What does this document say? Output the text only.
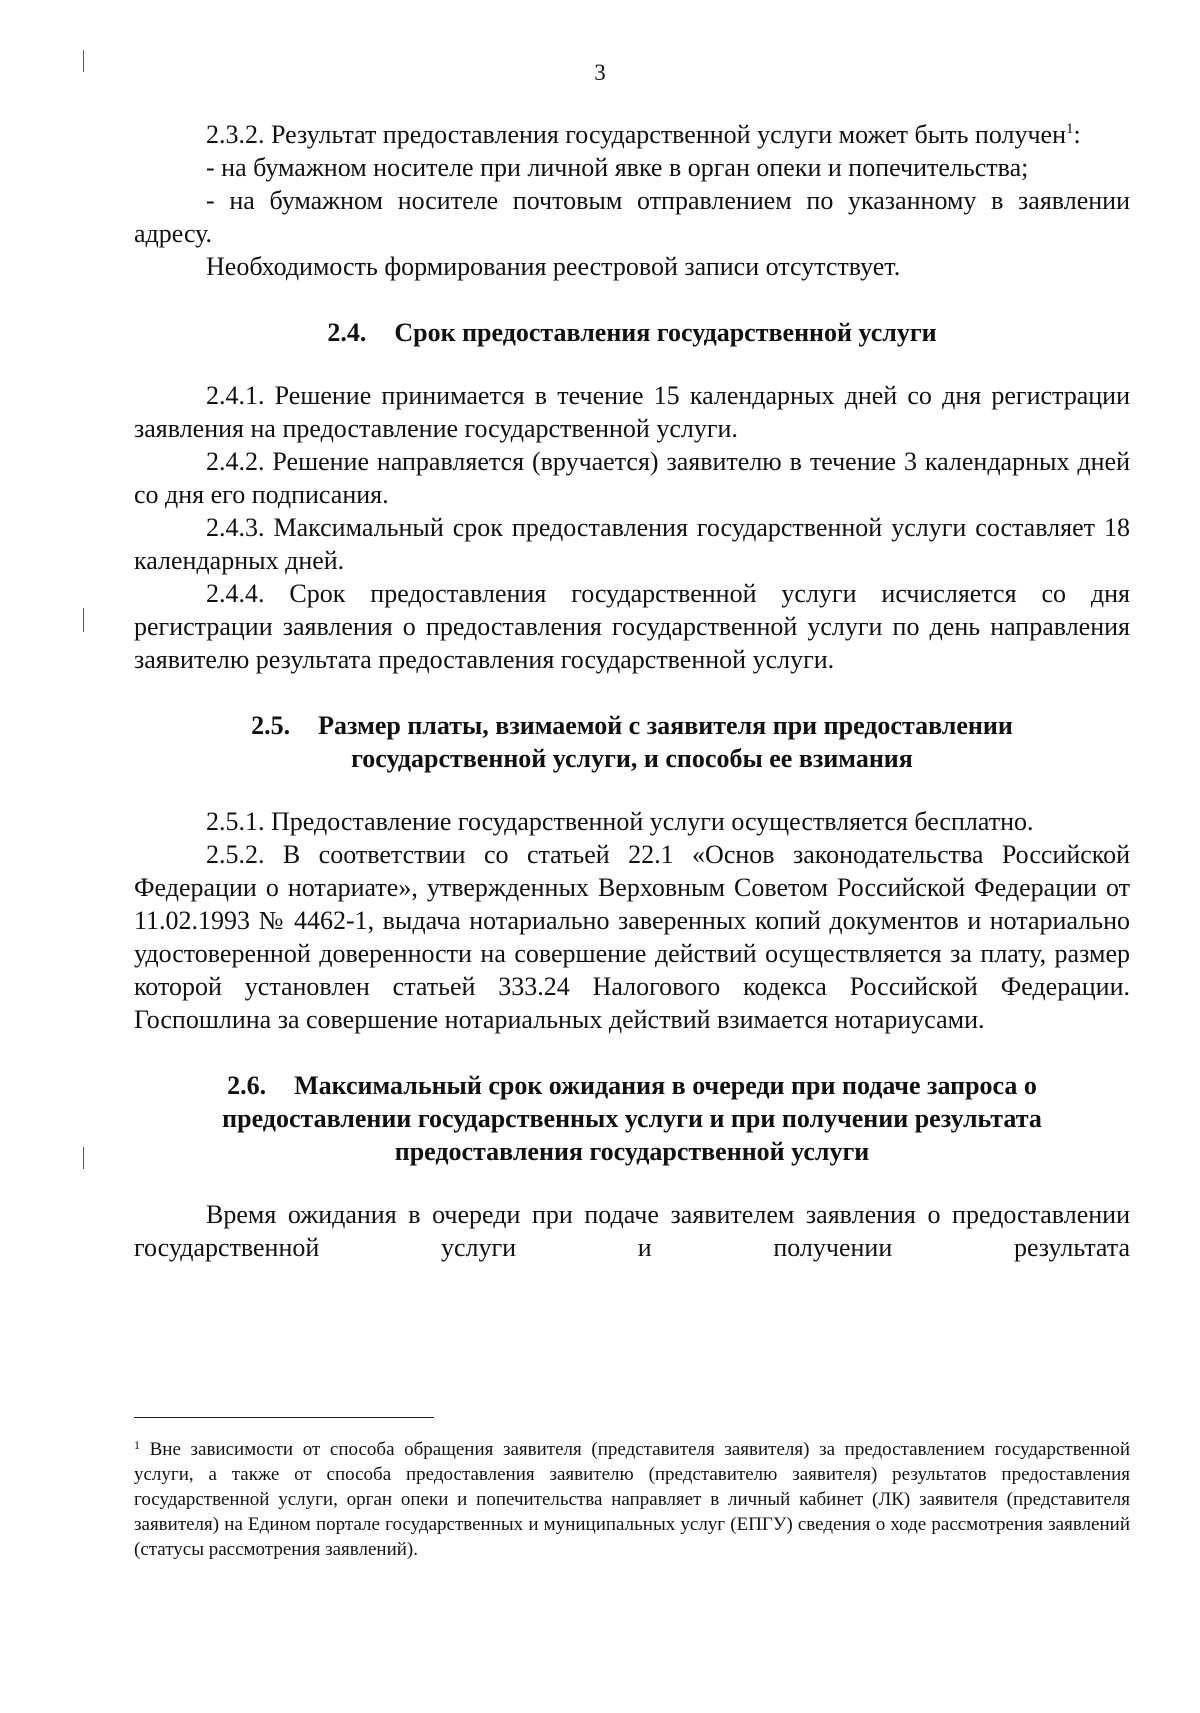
3

2.3.2. Результат предоставления государственной услуги может быть получен$^1$:

- на бумажном носителе при личной явке в орган опеки и попечительства;

- на бумажном носителе почтовым отправлением по указанному в заявлении адресу.

Необходимость формирования реестровой записи отсутствует.

2.4. Срок предоставления государственной услуги

2.4.1. Решение принимается в течение 15 календарных дней со дня регистрации заявления на предоставление государственной услуги.

2.4.2. Решение направляется (вручается) заявителю в течение 3 календарных дней со дня его подписания.

2.4.3. Максимальный срок предоставления государственной услуги составляет 18 календарных дней.

2.4.4. Срок предоставления государственной услуги исчисляется со дня регистрации заявления о предоставления государственной услуги по день направления заявителю результата предоставления государственной услуги.

2.5. Размер платы, взимаемой с заявителя при предоставлении
государственной услуги, и способы ее взимания

2.5.1. Предоставление государственной услуги осуществляется бесплатно.

2.5.2. В соответствии со статьей 22.1 «Основ законодательства Российской Федерации о нотариате», утвержденных Верховным Советом Российской Федерации от 11.02.1993 № 4462-1, выдача нотариально заверенных копий документов и нотариально удостоверенной доверенности на совершение действий осуществляется за плату, размер которой установлен статьей 333.24 Налогового кодекса Российской Федерации. Госпошлина за совершение нотариальных действий взимается нотариусами.

2.6. Максимальный срок ожидания в очереди при подаче запроса о
предоставлении государственных услуги и при получении результата
предоставления государственной услуги

Время ожидания в очереди при подаче заявителем заявления о предоставлении государственной услуги и получении результата

$^1$ Вне зависимости от способа обращения заявителя (представителя заявителя) за предоставлением государственной услуги, а также от способа предоставления заявителю (представителю заявителя) результатов предоставления государственной услуги, орган опеки и попечительства направляет в личный кабинет (ЛК) заявителя (представителя заявителя) на Едином портале государственных и муниципальных услуг (ЕПГУ) сведения о ходе рассмотрения заявлений (статусы рассмотрения заявлений).
